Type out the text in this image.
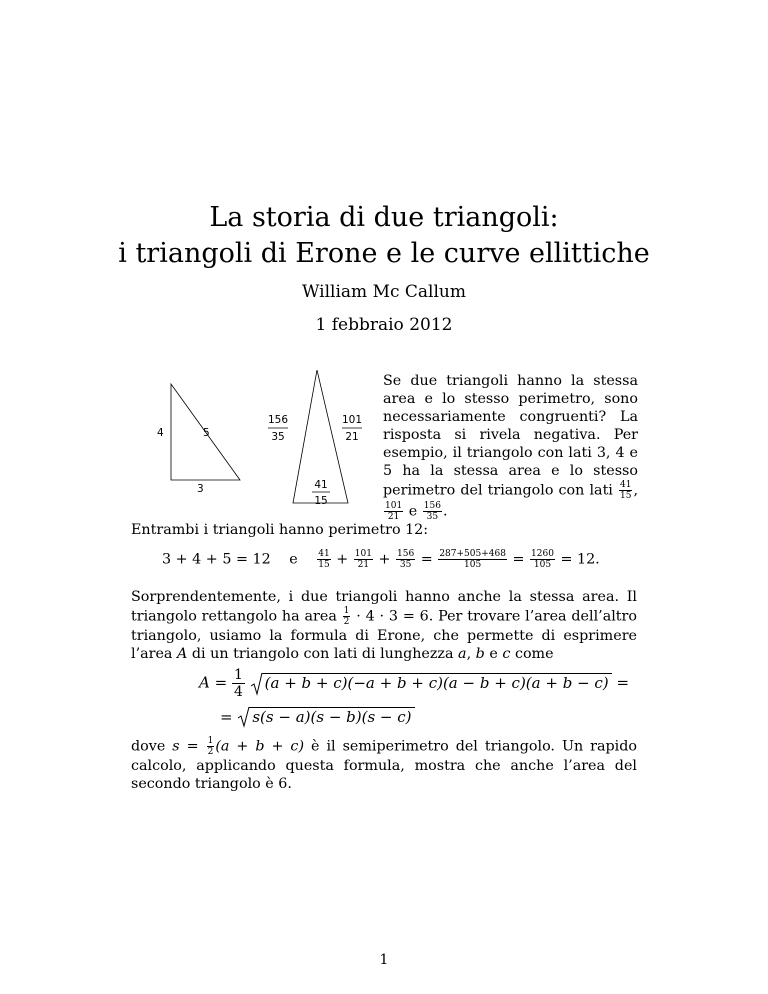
La storia di due triangoli:
i triangoli di Erone e le curve ellittiche
William Mc Callum
1 febbraio 2012
4	5
3
156
35
101
21
41
15
Se due triangoli hanno la stessa area e lo stesso perimetro, sono necessariamente congruenti? La risposta si rivela negativa. Per esempio, il triangolo con lati 3, 4 e 5 ha la stessa area e lo stesso perimetro del triangolo con lati $\frac{41}{15}$ ,
$\frac{101}{21}$ e $\frac{156}{35}$ .
Entrambi i triangoli hanno perimetro 12:
3 + 4 + 5 = 12 e $\frac{41}{15} + \frac{101}{21} + \frac{156}{35} = \frac{287+505+468}{105} = \frac{1260}{105} = 12$.
Sorprendentemente, i due triangoli hanno anche la stessa area. Il triangolo rettangolo ha area $\frac{1}{2} \cdot 4 \cdot 3 = 6$. Per trovare l’area dell’altro triangolo, usiamo la formula di Erone, che permette di esprimere l’area A di un triangolo con lati di lunghezza a, b e c come
$A = \frac{1}{4}$
(a + b + c)(−a + b + c)(a − b + c)(a + b − c) =
= s(s − a)(s − b)(s − c)
dove $s = \frac{1}{2} (a + b + c)$ è il semiperimetro del triangolo. Un rapido calcolo, applicando questa formula, mostra che anche l’area del secondo triangolo è 6.
1
